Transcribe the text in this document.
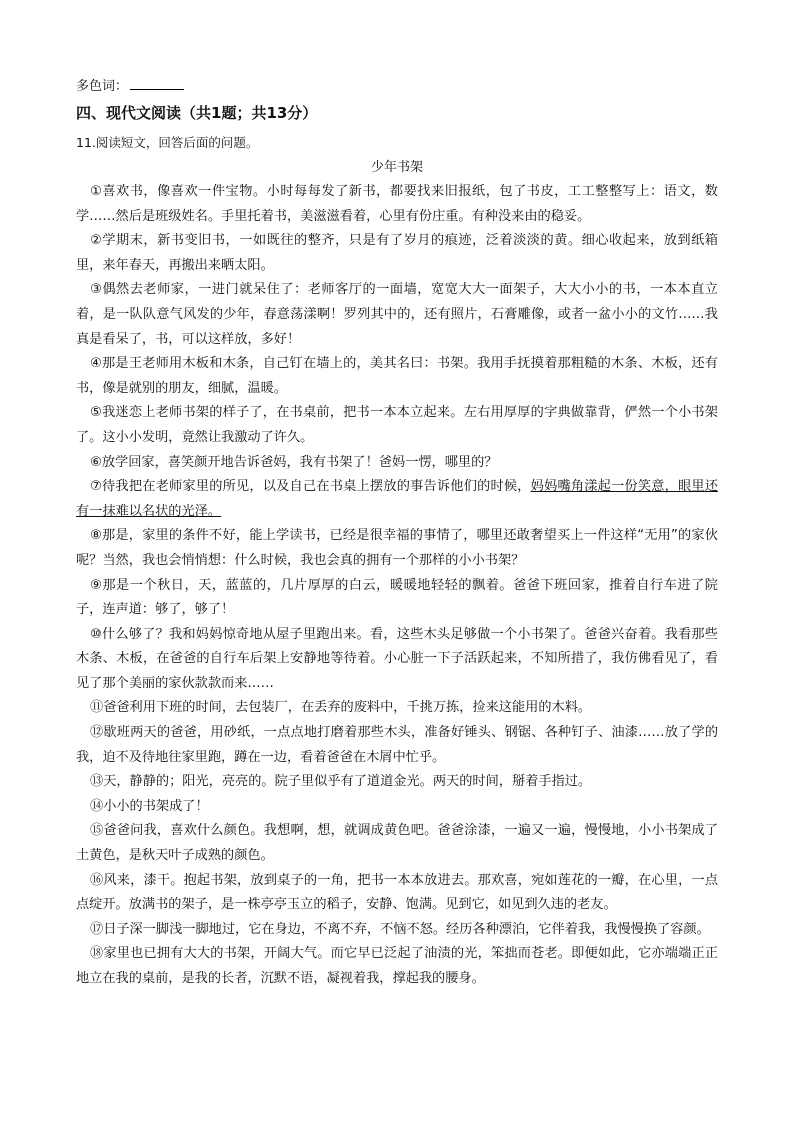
多色词：
四、现代文阅读（共1题；共13分）
11.阅读短文，回答后面的问题。
少年书架

①喜欢书，像喜欢一件宝物。小时每每发了新书，都要找来旧报纸，包了书皮，工工整整写上：语文，数学……然后是班级姓名。手里托着书，美滋滋看着，心里有份庄重。有种没来由的稳妥。

②学期末，新书变旧书，一如既往的整齐，只是有了岁月的痕迹，泛着淡淡的黄。细心收起来，放到纸箱里，来年春天，再搬出来晒太阳。

③偶然去老师家，一进门就呆住了：老师客厅的一面墙，宽宽大大一面架子，大大小小的书，一本本直立着，是一队队意气风发的少年，春意荡漾啊！罗列其中的，还有照片，石膏雕像，或者一盆小小的文竹……我真是看呆了，书，可以这样放，多好！

④那是王老师用木板和木条，自己钉在墙上的，美其名曰：书架。我用手抚摸着那粗糙的木条、木板，还有书，像是就别的朋友，细腻，温暖。

⑤我迷恋上老师书架的样子了，在书桌前，把书一本本立起来。左右用厚厚的字典做靠背，俨然一个小书架了。这小小发明，竟然让我激动了许久。

⑥放学回家，喜笑颜开地告诉爸妈，我有书架了！爸妈一愣，哪里的？

⑦待我把在老师家里的所见，以及自己在书桌上摆放的事告诉他们的时候，妈妈嘴角漾起一份笑意，眼里还有一抹难以名状的光泽。

⑧那是，家里的条件不好，能上学读书，已经是很幸福的事情了，哪里还敢奢望买上一件这样“无用”的家伙呢？当然，我也会悄悄想：什么时候，我也会真的拥有一个那样的小小书架？

⑨那是一个秋日，天，蓝蓝的，几片厚厚的白云，暖暖地轻轻的飘着。爸爸下班回家，推着自行车进了院子，连声道：够了，够了！

⑩什么够了？我和妈妈惊奇地从屋子里跑出来。看，这些木头足够做一个小书架了。爸爸兴奋着。我看那些木条、木板，在爸爸的自行车后架上安静地等待着。小心脏一下子活跃起来，不知所措了，我仿佛看见了，看见了那个美丽的家伙款款而来……

⑪爸爸利用下班的时间，去包装厂，在丢弃的废料中，千挑万拣，捡来这能用的木料。

⑫歇班两天的爸爸，用砂纸，一点点地打磨着那些木头，准备好锤头、钢锯、各种钉子、油漆……放了学的我，迫不及待地往家里跑，蹲在一边，看着爸爸在木屑中忙乎。

⑬天，静静的；阳光，亮亮的。院子里似乎有了道道金光。两天的时间，掰着手指过。

⑭小小的书架成了！

⑮爸爸问我，喜欢什么颜色。我想啊，想，就调成黄色吧。爸爸涂漆，一遍又一遍，慢慢地，小小书架成了土黄色，是秋天叶子成熟的颜色。

⑯风来，漆干。抱起书架，放到桌子的一角，把书一本本放进去。那欢喜，宛如莲花的一瓣，在心里，一点点绽开。放满书的架子，是一株亭亭玉立的稻子，安静、饱满。见到它，如见到久违的老友。

⑰日子深一脚浅一脚地过，它在身边，不离不弃，不恼不怒。经历各种漂泊，它伴着我，我慢慢换了容颜。

⑱家里也已拥有大大的书架，开阔大气。而它早已泛起了油渍的光，笨拙而苍老。即便如此，它亦端端正正地立在我的桌前，是我的长者，沉默不语，凝视着我，撑起我的腰身。
